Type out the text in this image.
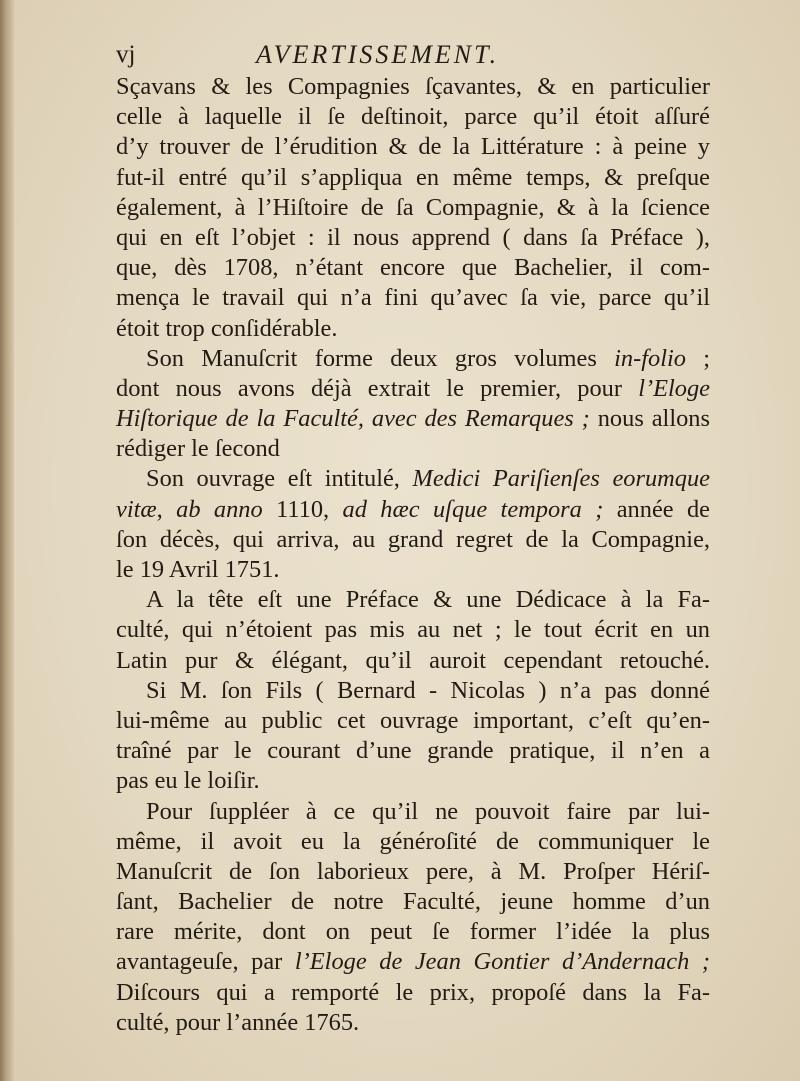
vj	AVERTISSEMENT.
Sçavans & les Compagnies ſçavantes, & en particulier
celle à laquelle il ſe deſtinoit, parce qu’il étoit aſſuré
d’y trouver de l’érudition & de la Littérature : à peine y
fut-il entré qu’il s’appliqua en même temps, & preſque
également, à l’Hiſtoire de ſa Compagnie, & à la ſcience
qui en eſt l’objet : il nous apprend ( dans ſa Préface ),
que, dès 1708, n’étant encore que Bachelier, il com-
mença le travail qui n’a fini qu’avec ſa vie, parce qu’il
étoit trop conſidérable.
Son Manuſcrit forme deux gros volumes in-folio ;
dont nous avons déjà extrait le premier, pour l’Eloge
Hiſtorique de la Faculté, avec des Remarques ; nous allons
rédiger le ſecond
Son ouvrage eſt intitulé, Medici Pariſienſes eorumque
vitæ, ab anno 1110, ad hæc uſque tempora ; année de
ſon décès, qui arriva, au grand regret de la Compagnie,
le 19 Avril 1751.
A la tête eſt une Préface & une Dédicace à la Fa-
culté, qui n’étoient pas mis au net ; le tout écrit en un
Latin pur & élégant, qu’il auroit cependant retouché.
Si M. ſon Fils ( Bernard - Nicolas ) n’a pas donné
lui-même au public cet ouvrage important, c’eſt qu’en-
traîné par le courant d’une grande pratique, il n’en a
pas eu le loiſir.
Pour ſuppléer à ce qu’il ne pouvoit faire par lui-
même, il avoit eu la généroſité de communiquer le
Manuſcrit de ſon laborieux pere, à M. Proſper Hériſ-
ſant, Bachelier de notre Faculté, jeune homme d’un
rare mérite, dont on peut ſe former l’idée la plus
avantageuſe, par l’Eloge de Jean Gontier d’Andernach ;
Diſcours qui a remporté le prix, propoſé dans la Fa-
culté, pour l’année 1765.
